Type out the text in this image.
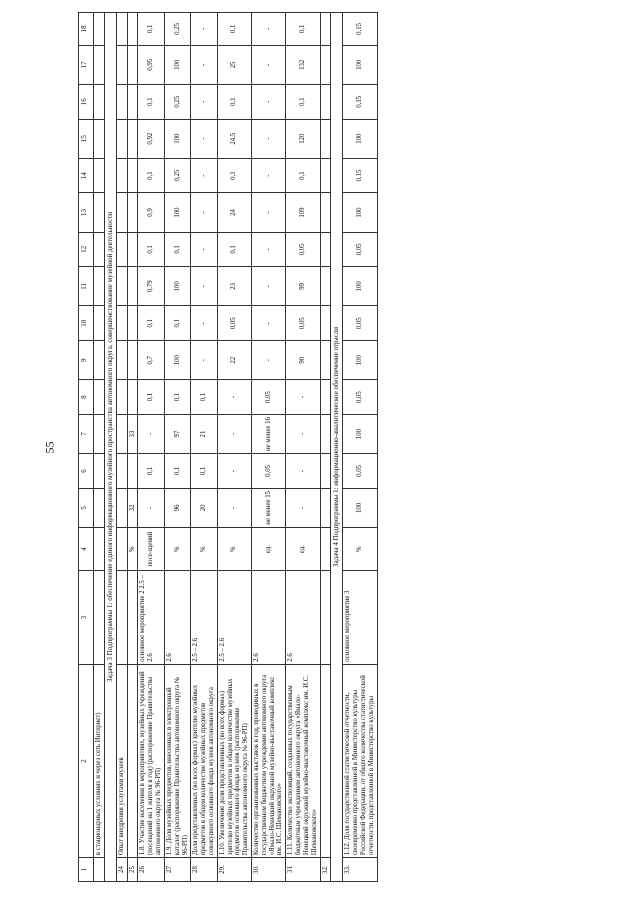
55
1	2	3	4	5	6	7	8	9	10	11	12	13	14	15	16	17	18
	в стационарных условиях и через сеть Интернет)																
Задача 3 Подпрограммы 1: обеспечение единого информационного музейного пространства автономного округа, совершенствование музейной деятельности																	
24	Опыт внедрения услугами музеев																
25			%	32		33											
26	1.8. Участие населения в мероприятиях, музейных учреждений (посещений на 1 жителя в год) (распоряжение Правительства автономного округа № 96-РП)	основное мероприятие 2 2.5 – 2.6	посе-щений	-	0,1	-	0,1	0,7	0,1	0,79	0,1	0,9	0,1	0,92	0,1	0,95	0,1
27	1.9. Доля музейных предметов, внесенных в электронный каталог (распоряжение Правительства автономного округа № 96-РП)	2.6	%	96	0,1	97	0,1	100	0,1	100	0,1	100	0,25	100	0,25	100	0,25
28	Доля представленных (во всех формах) зрителю музейных предметов в общем количестве музейных предметов совокупного основного фонда музеев автономного округа	2.5 – 2.6	%	20	0,1	21	0,1	-	-	-	-	-	-	-	-	-	-
29.	1.10. Увеличение доли представленных (во всех формах) зрителю музейных предметов в общем количестве музейных предметов основного фонда музеев (распоряжение Правительства автономного округа № 96-РП)	2.5 – 2.6	%	-	-	-	-	22	0,05	23	0,1	24	0,1	24,5	0,1	25	0,1
30.	Количество организованных выставок в год, проводимых в государственном бюджетном учреждении автономного округа «Ямало-Ненецкий окружной музейно-выставочный комплекс им. И.С. Шемановского»	2.6	ед.	не менее 15	0,05	не менее 16	0,05	-	-	-	-	-	-	-	-	-	-
31	1.11. Количество экспозиций, созданных государственным бюджетным учреждением автономного округа «Ямало-Ненецкий окружной музейно-выставочный комплекс им. И.С. Шемановского»	2.6	ед.	-	-	-	-	90	0,05	99	0,05	109	0,1	120	0,1	132	0,1
32.																	
Задача 4 Подпрограммы 1: информационно-аналитическое обеспечение отрасли																	
33.	1.12. Доля государственной статистической отчетности, своевременно представленной в Министерство культуры Российской Федерации, от общего количества статистической отчетности, представленной в Министерство культуры	основное мероприятие 3	%	100	0,05	100	0,05	100	0,05	100	0,05	100	0,15	100	0,15	100	0,15
